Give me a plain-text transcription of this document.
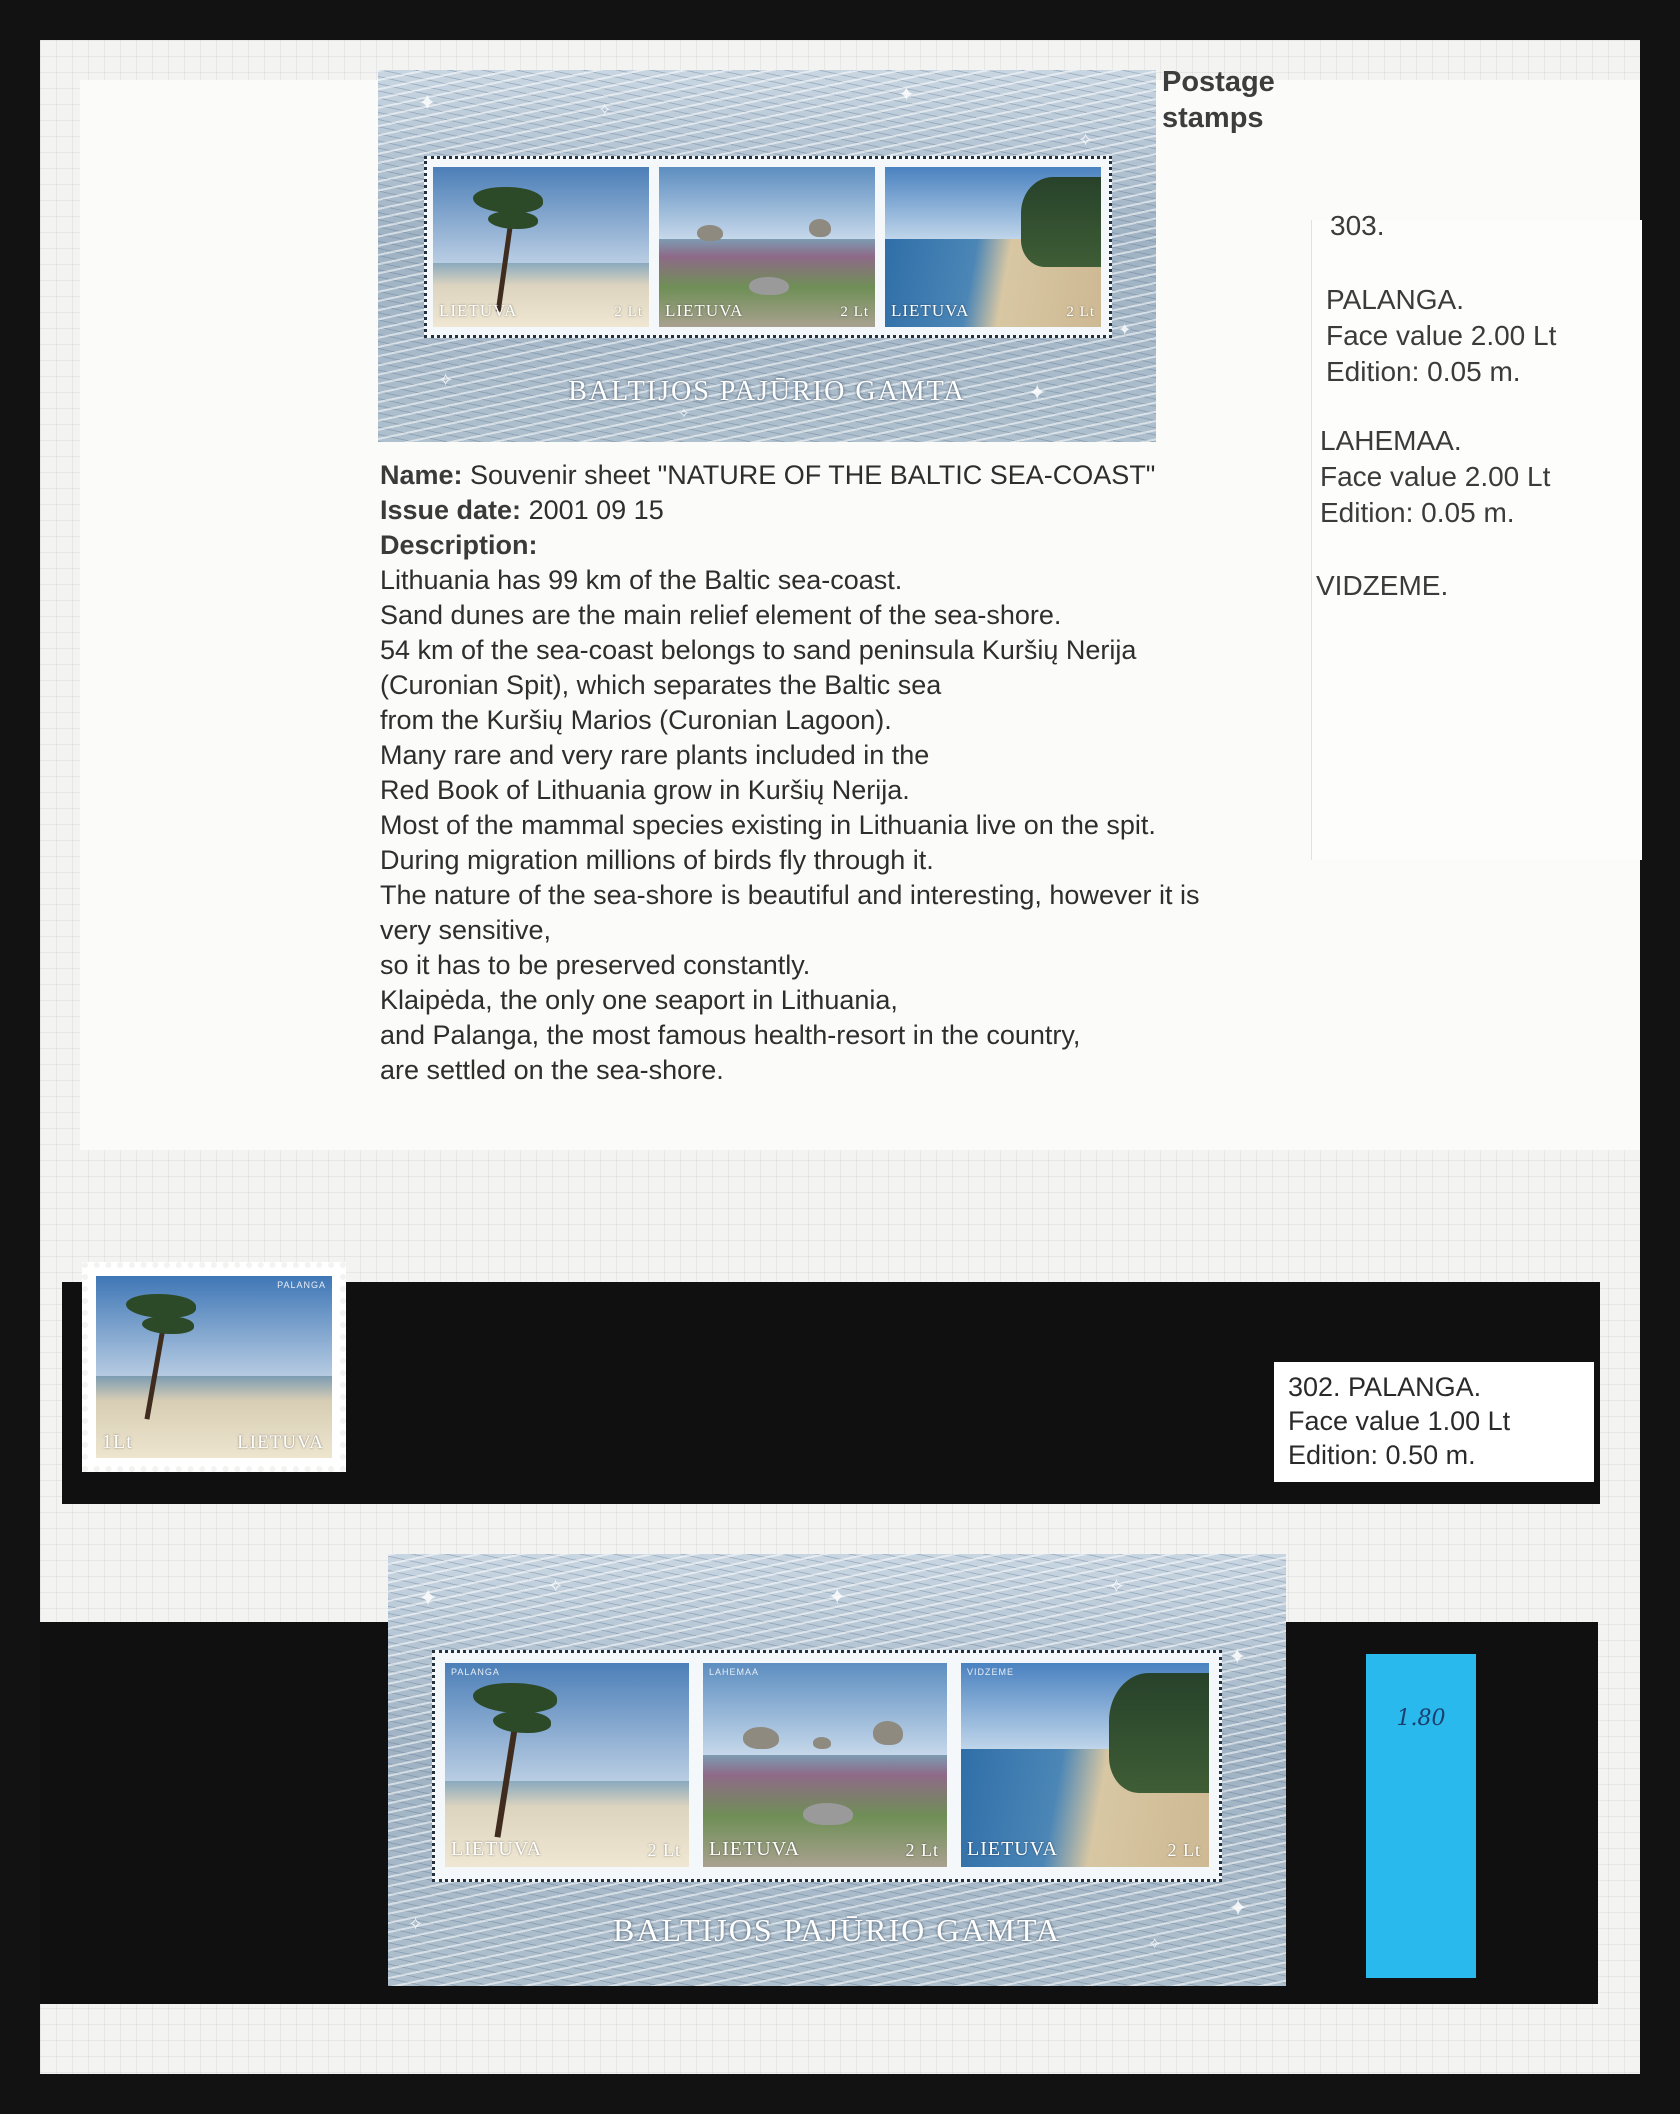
✦	✧
✦
✧
✧	✦
✦
✧
LIETUVA	2 Lt LIETUVA	2 Lt LIETUVA	2 Lt
BALTIJOS PAJŪRIO GAMTA
Postage
stamps
303.
PALANGA.
Face value 2.00 Lt
Edition: 0.05 m.
LAHEMAA.
Face value 2.00 Lt
Edition: 0.05 m.
VIDZEME.
Name: Souvenir sheet "NATURE OF THE BALTIC SEA-COAST"
Issue date: 2001 09 15
Description:
Lithuania has 99 km of the Baltic sea-coast.
Sand dunes are the main relief element of the sea-shore.
54 km of the sea-coast belongs to sand peninsula Kuršių Nerija
(Curonian Spit), which separates the Baltic sea
from the Kuršių Marios (Curonian Lagoon).
Many rare and very rare plants included in the
Red Book of Lithuania grow in Kuršių Nerija.
Most of the mammal species existing in Lithuania live on the spit.
During migration millions of birds fly through it.
The nature of the sea-shore is beautiful and interesting, however it is
very sensitive,
so it has to be preserved constantly.
Klaipėda, the only one seaport in Lithuania,
and Palanga, the most famous health-resort in the country,
are settled on the sea-shore.
PALANGA
1Lt	LIETUVA
302. PALANGA.
Face value 1.00 Lt
Edition: 0.50 m.
✦	✧	✦	✧
✦
✦
✧
✧
PALANGA
LIETUVA	2 Lt
LAHEMAA
LIETUVA	2 Lt
VIDZEME
LIETUVA	2 Lt
BALTIJOS PAJŪRIO GAMTA
1.80
